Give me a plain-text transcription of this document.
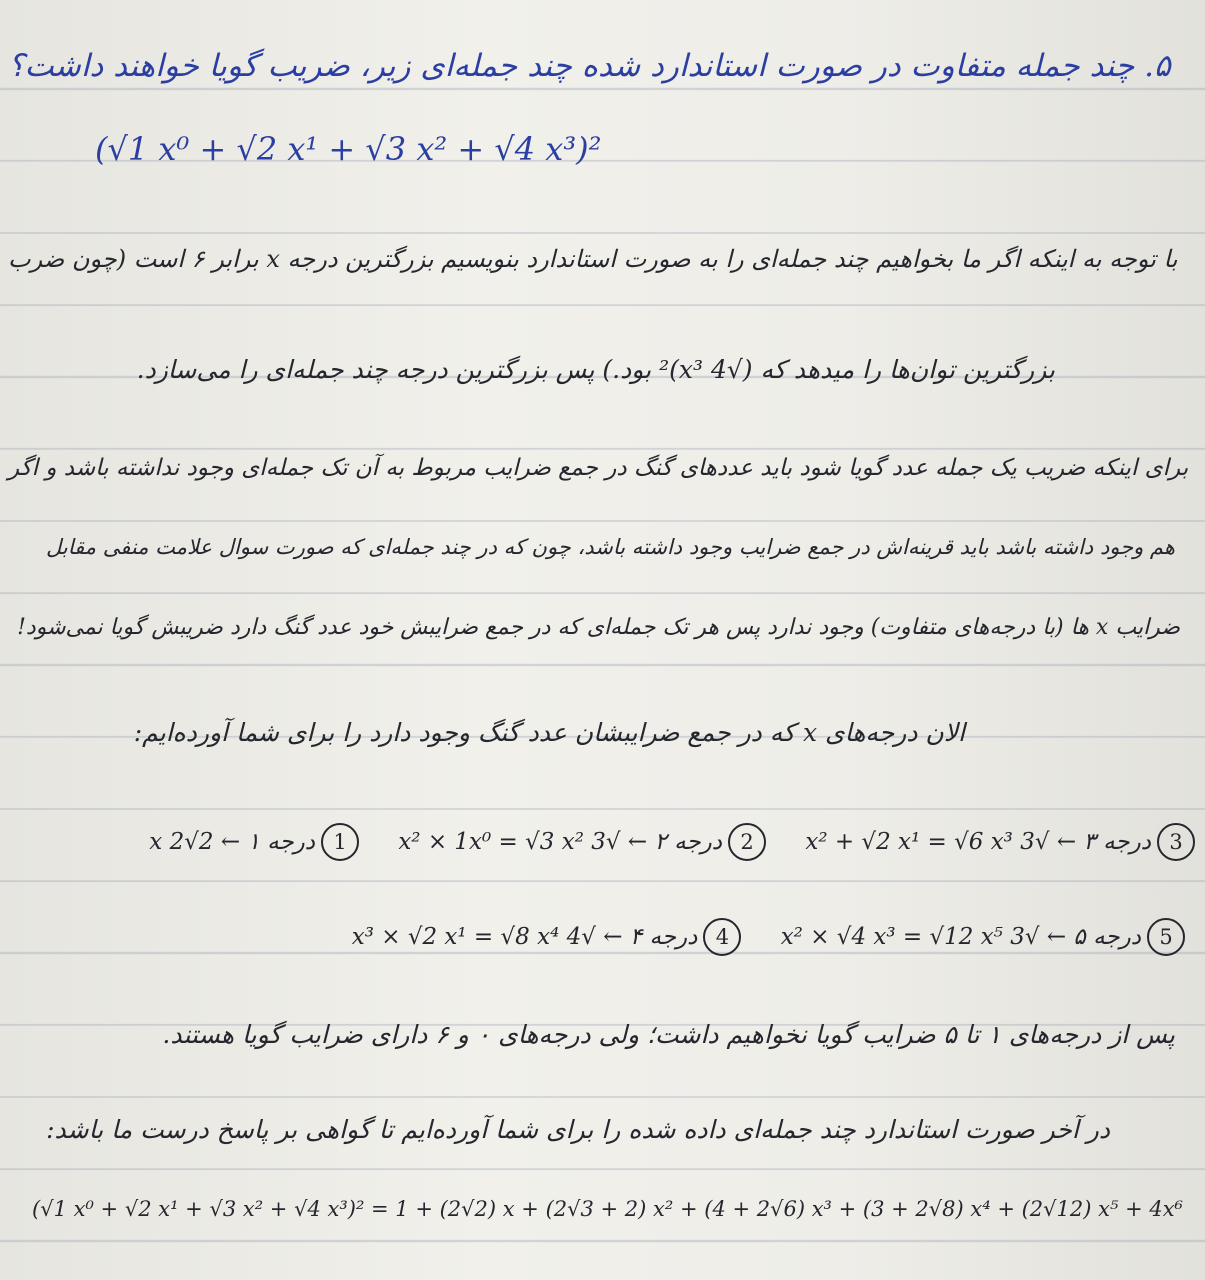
۵. چند جمله متفاوت در صورت استاندارد شده چند جمله‌ای زیر، ضریب گویا خواهند داشت؟
(√1 x⁰ + √2 x¹ + √3 x² + √4 x³)²
با توجه به اینکه اگر ما بخواهیم چند جمله‌ای را به صورت استاندارد بنویسیم بزرگترین درجه x برابر ۶ است (چون ضرب
بزرگترین توان‌ها را میدهد که (√4 x³)² بود.) پس بزرگترین درجه چند جمله‌ای را می‌سازد.
برای اینکه ضریب یک جمله عدد گویا شود باید عددهای گنگ در جمع ضرایب مربوط به آن تک جمله‌ای وجود نداشته باشد و اگر
هم وجود داشته باشد باید قرینه‌اش در جمع ضرایب وجود داشته باشد، چون که در چند جمله‌ای که صورت سوال علامت منفی مقابل
ضرایب x ها (با درجه‌های متفاوت) وجود ندارد پس هر تک جمله‌ای که در جمع ضرایبش خود عدد گنگ دارد ضریبش گویا نمی‌شود!
الان درجه‌های x که در جمع ضرایبشان عدد گنگ وجود دارد را برای شما آورده‌ایم:
1درجه ۱ ← 2√2 x	2درجه ۲ ← √3 x² × 1x⁰ = √3 x²	3درجه ۳ ← √3 x² + √2 x¹ = √6 x³
4درجه ۴ ← √4 x³ × √2 x¹ = √8 x⁴	5درجه ۵ ← √3 x² × √4 x³ = √12 x⁵
پس از درجه‌های ۱ تا ۵ ضرایب گویا نخواهیم داشت؛ ولی درجه‌های ۰ و ۶ دارای ضرایب گویا هستند.
در آخر صورت استاندارد چند جمله‌ای داده شده را برای شما آورده‌ایم تا گواهی بر پاسخ درست ما باشد:
(√1 x⁰ + √2 x¹ + √3 x² + √4 x³)² = 1 + (2√2) x + (2√3 + 2) x² + (4 + 2√6) x³ + (3 + 2√8) x⁴ + (2√12) x⁵ + 4x⁶
